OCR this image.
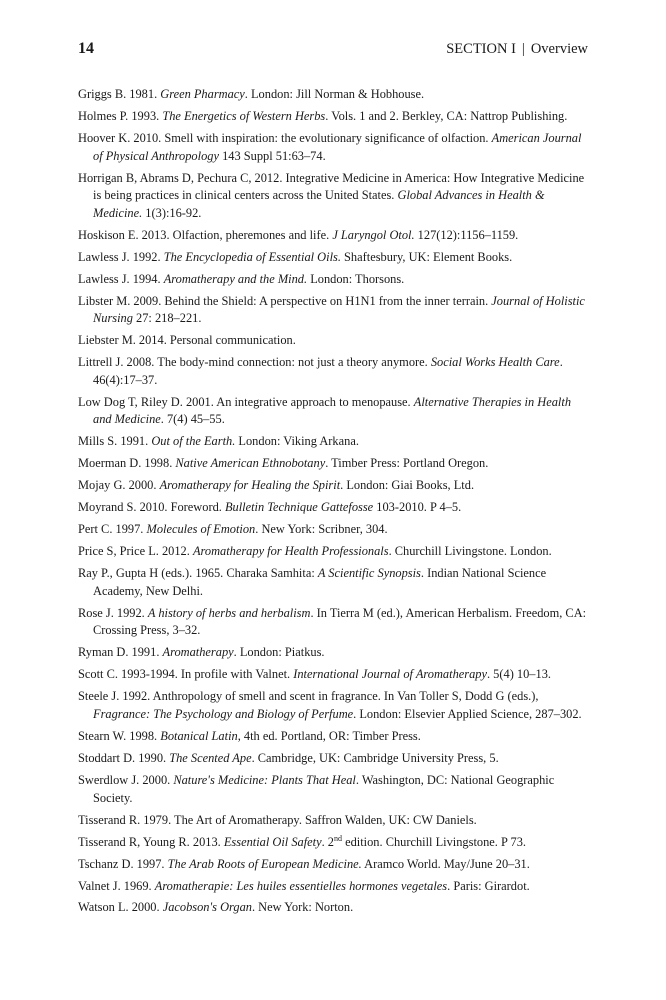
14	SECTION I | Overview

Griggs B. 1981. Green Pharmacy. London: Jill Norman & Hobhouse.

Holmes P. 1993. The Energetics of Western Herbs. Vols. 1 and 2. Berkley, CA: Nattrop Publishing.

Hoover K. 2010. Smell with inspiration: the evolutionary significance of olfaction. American Journal of Physical Anthropology 143 Suppl 51:63–74.

Horrigan B, Abrams D, Pechura C, 2012. Integrative Medicine in America: How Integrative Medicine is being practices in clinical centers across the United States. Global Advances in Health & Medicine. 1(3):16-92.

Hoskison E. 2013. Olfaction, pheremones and life. J Laryngol Otol. 127(12):1156–1159.

Lawless J. 1992. The Encyclopedia of Essential Oils. Shaftesbury, UK: Element Books.

Lawless J. 1994. Aromatherapy and the Mind. London: Thorsons.

Libster M. 2009. Behind the Shield: A perspective on H1N1 from the inner terrain. Journal of Holistic Nursing 27: 218–221.

Liebster M. 2014. Personal communication.

Littrell J. 2008. The body-mind connection: not just a theory anymore. Social Works Health Care. 46(4):17–37.

Low Dog T, Riley D. 2001. An integrative approach to menopause. Alternative Therapies in Health and Medicine. 7(4) 45–55.

Mills S. 1991. Out of the Earth. London: Viking Arkana.

Moerman D. 1998. Native American Ethnobotany. Timber Press: Portland Oregon.

Mojay G. 2000. Aromatherapy for Healing the Spirit. London: Giai Books, Ltd.

Moyrand S. 2010. Foreword. Bulletin Technique Gattefosse 103-2010. P 4–5.

Pert C. 1997. Molecules of Emotion. New York: Scribner, 304.

Price S, Price L. 2012. Aromatherapy for Health Professionals. Churchill Livingstone. London.

Ray P., Gupta H (eds.). 1965. Charaka Samhita: A Scientific Synopsis. Indian National Science Academy, New Delhi.

Rose J. 1992. A history of herbs and herbalism. In Tierra M (ed.), American Herbalism. Freedom, CA: Crossing Press, 3–32.

Ryman D. 1991. Aromatherapy. London: Piatkus.

Scott C. 1993-1994. In profile with Valnet. International Journal of Aromatherapy. 5(4) 10–13.

Steele J. 1992. Anthropology of smell and scent in fragrance. In Van Toller S, Dodd G (eds.), Fragrance: The Psychology and Biology of Perfume. London: Elsevier Applied Science, 287–302.

Stearn W. 1998. Botanical Latin, 4th ed. Portland, OR: Timber Press.

Stoddart D. 1990. The Scented Ape. Cambridge, UK: Cambridge University Press, 5.

Swerdlow J. 2000. Nature's Medicine: Plants That Heal. Washington, DC: National Geographic Society.

Tisserand R. 1979. The Art of Aromatherapy. Saffron Walden, UK: CW Daniels.

Tisserand R, Young R. 2013. Essential Oil Safety. 2nd edition. Churchill Livingstone. P 73.

Tschanz D. 1997. The Arab Roots of European Medicine. Aramco World. May/June 20–31.

Valnet J. 1969. Aromatherapie: Les huiles essentielles hormones vegetales. Paris: Girardot.

Watson L. 2000. Jacobson's Organ. New York: Norton.
